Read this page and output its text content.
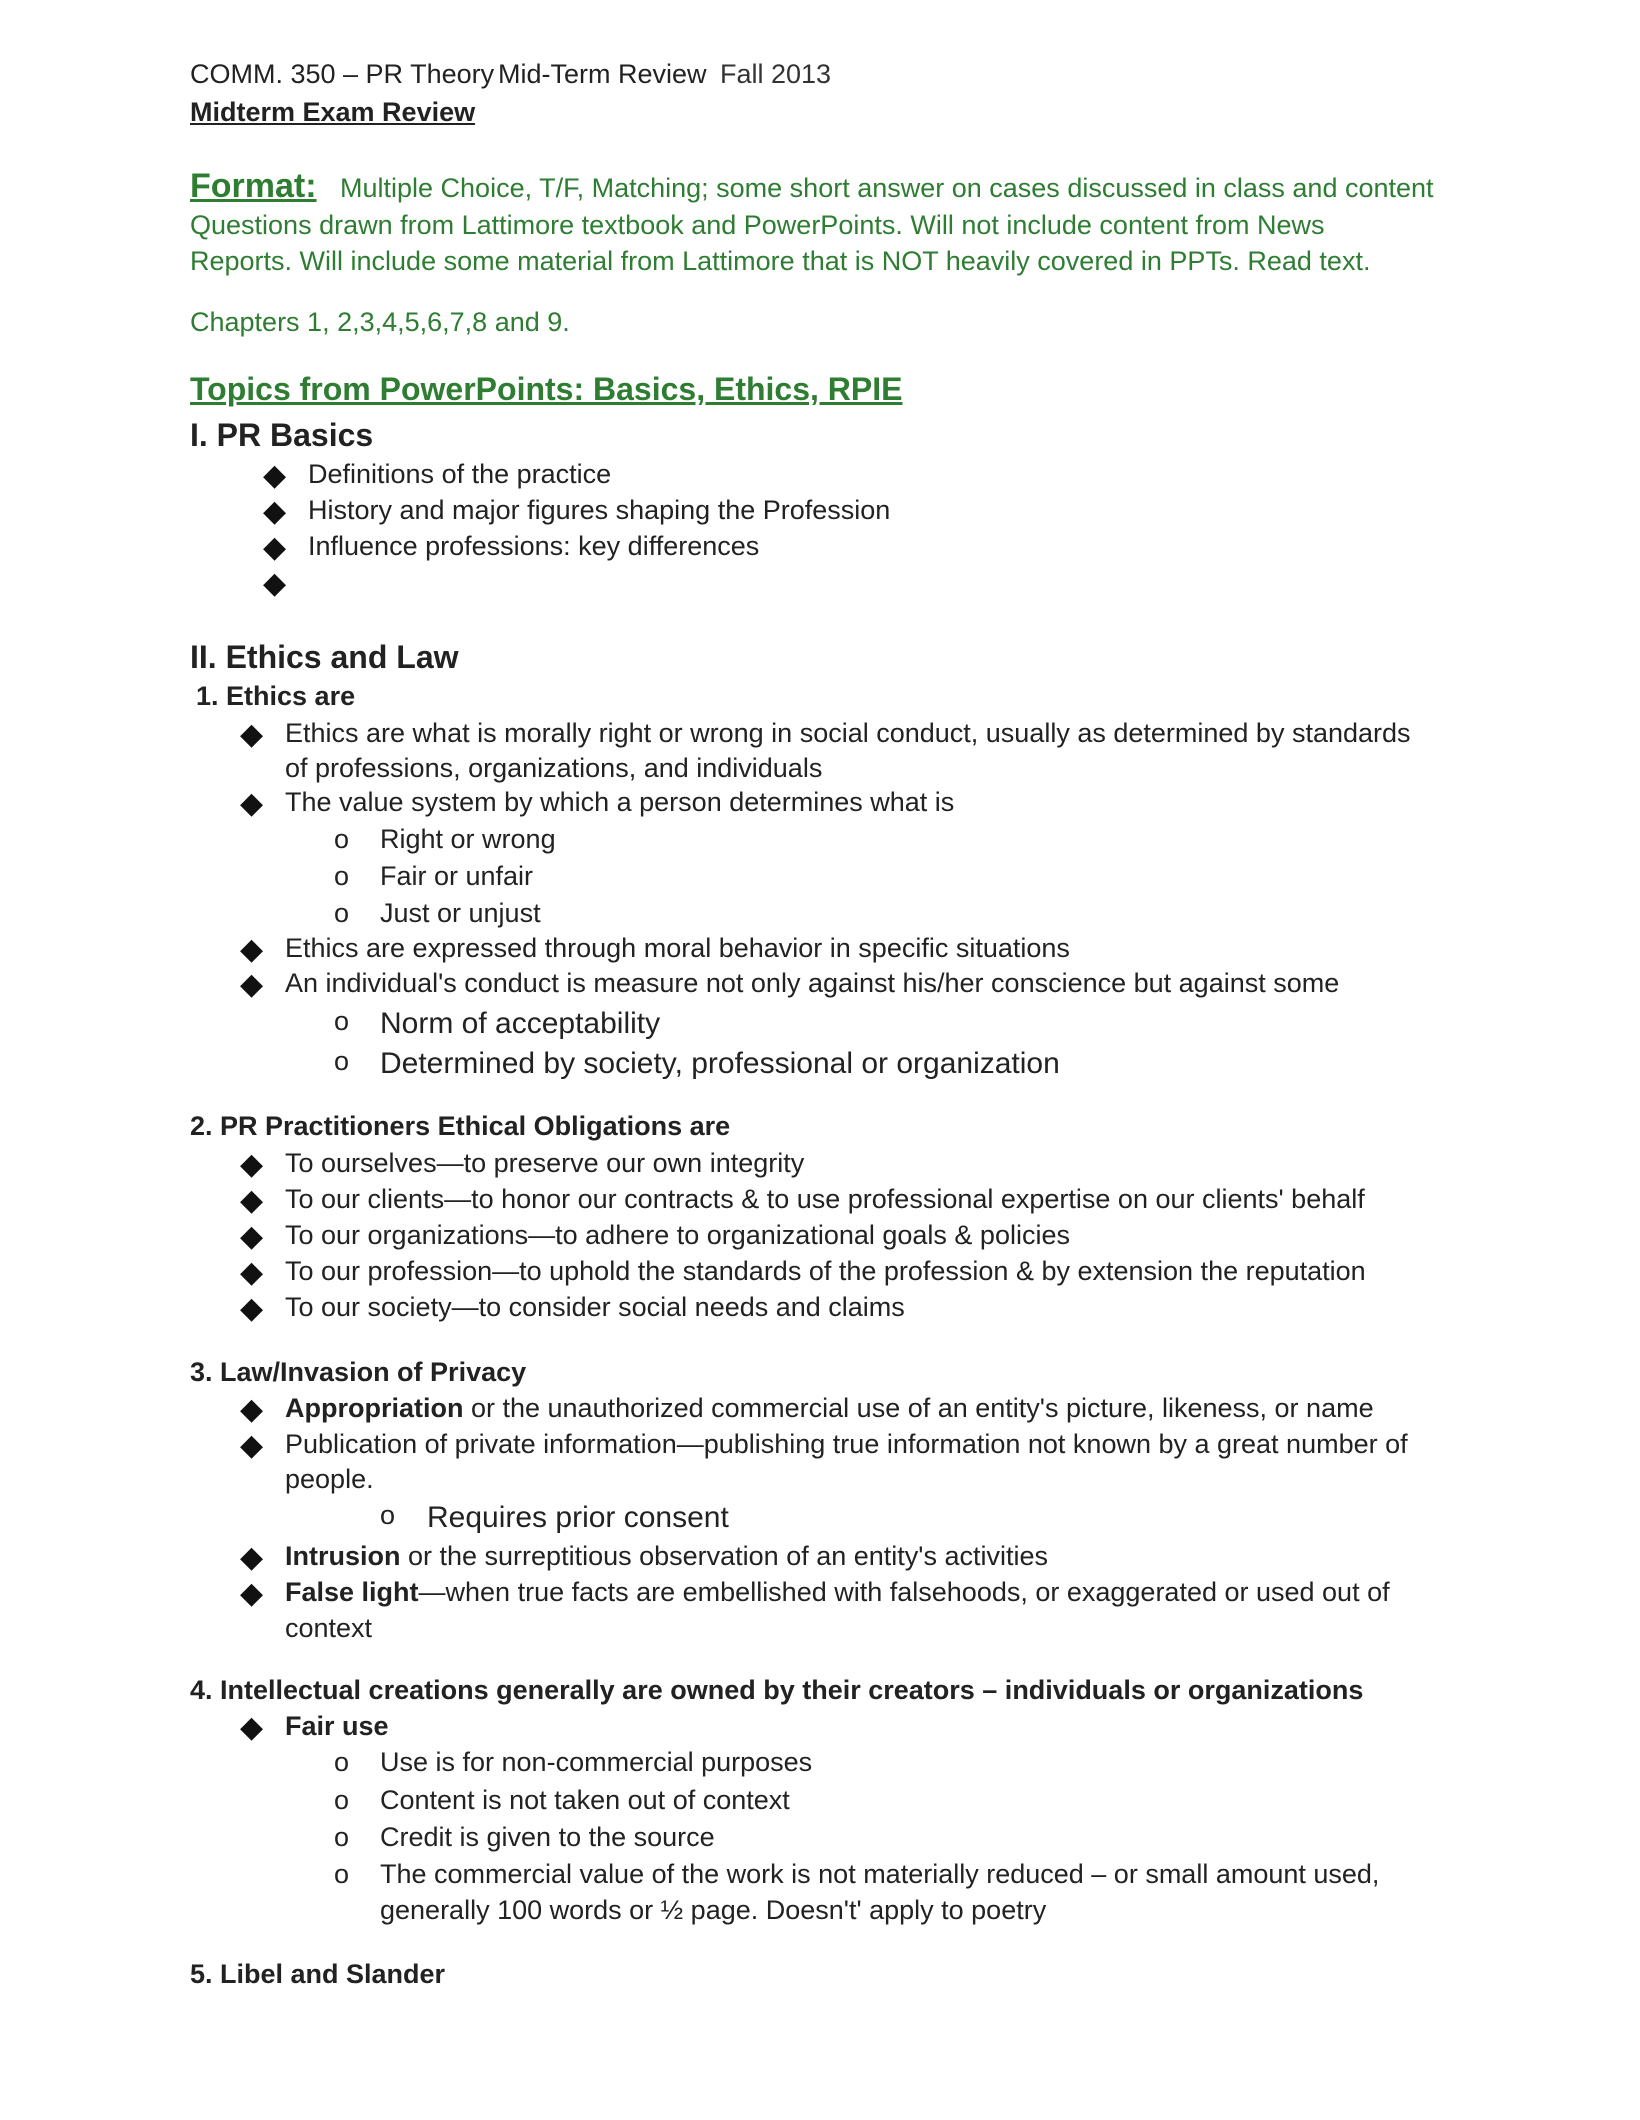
COMM. 350 – PR Theory Mid-Term Review Fall 2013
Midterm Exam Review
Format: Multiple Choice, T/F, Matching; some short answer on cases discussed in class and content
Questions drawn from Lattimore textbook and PowerPoints. Will not include content from News
Reports. Will include some material from Lattimore that is NOT heavily covered in PPTs. Read text.
Chapters 1, 2,3,4,5,6,7,8 and 9.
Topics from PowerPoints: Basics, Ethics, RPIE
I. PR Basics
◆ Definitions of the practice
◆ History and major figures shaping the Profession
◆ Influence professions: key differences
◆
II. Ethics and Law
1. Ethics are
◆ Ethics are what is morally right or wrong in social conduct, usually as determined by standards
of professions, organizations, and individuals
◆ The value system by which a person determines what is
o Right or wrong
o Fair or unfair
o Just or unjust
◆ Ethics are expressed through moral behavior in specific situations
◆ An individual's conduct is measure not only against his/her conscience but against some
o Norm of acceptability
o Determined by society, professional or organization
2. PR Practitioners Ethical Obligations are
◆ To ourselves—to preserve our own integrity
◆ To our clients—to honor our contracts & to use professional expertise on our clients' behalf
◆ To our organizations—to adhere to organizational goals & policies
◆ To our profession—to uphold the standards of the profession & by extension the reputation
◆ To our society—to consider social needs and claims
3. Law/Invasion of Privacy
◆ Appropriation or the unauthorized commercial use of an entity's picture, likeness, or name
◆ Publication of private information—publishing true information not known by a great number of
people.
o Requires prior consent
◆ Intrusion or the surreptitious observation of an entity's activities
◆ False light—when true facts are embellished with falsehoods, or exaggerated or used out of
context
4. Intellectual creations generally are owned by their creators – individuals or organizations
◆ Fair use
o Use is for non-commercial purposes
o Content is not taken out of context
o Credit is given to the source
o The commercial value of the work is not materially reduced – or small amount used,
generally 100 words or ½ page. Doesn't' apply to poetry
5. Libel and Slander
